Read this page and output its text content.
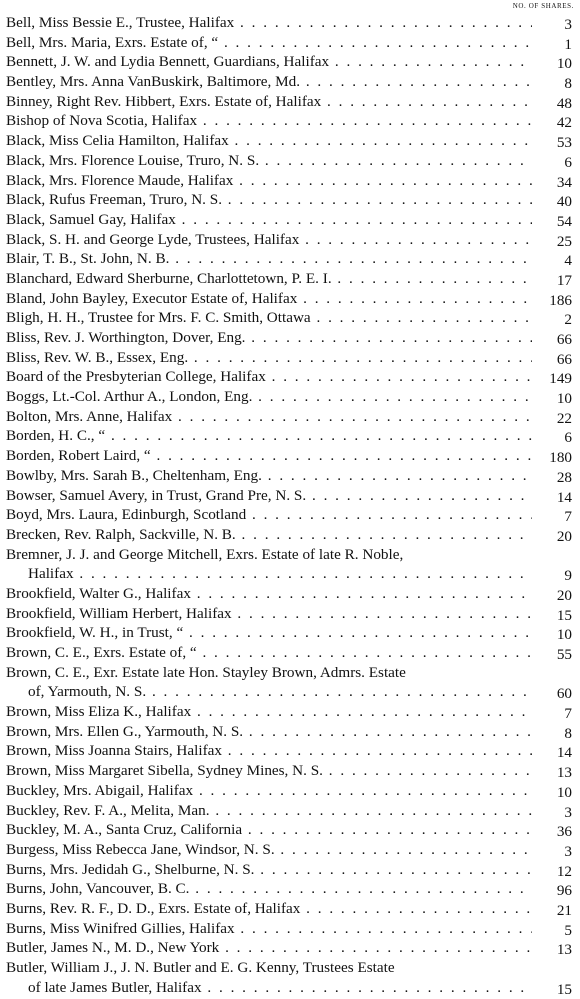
NO. OF SHARES.
Bell, Miss Bessie E., Trustee, Halifax . . .	3
Bell, Mrs. Maria, Exrs. Estate of, “ . . .	1
Bennett, J. W. and Lydia Bennett, Guardians, Halifax . . .	10
Bentley, Mrs. Anna VanBuskirk, Baltimore, Md. . . .	8
Binney, Right Rev. Hibbert, Exrs. Estate of, Halifax . . .	48
Bishop of Nova Scotia, Halifax . . .	42
Black, Miss Celia Hamilton, Halifax . . .	53
Black, Mrs. Florence Louise, Truro, N. S. . . .	6
Black, Mrs. Florence Maude, Halifax . . .	34
Black, Rufus Freeman, Truro, N. S. . . .	40
Black, Samuel Gay, Halifax . . .	54
Black, S. H. and George Lyde, Trustees, Halifax . . .	25
Blair, T. B., St. John, N. B. . . .	4
Blanchard, Edward Sherburne, Charlottetown, P. E. I. . . .	17
Bland, John Bayley, Executor Estate of, Halifax . . .	186
Bligh, H. H., Trustee for Mrs. F. C. Smith, Ottawa . . .	2
Bliss, Rev. J. Worthington, Dover, Eng. . . .	66
Bliss, Rev. W. B., Essex, Eng. . . .	66
Board of the Presbyterian College, Halifax . . .	149
Boggs, Lt.-Col. Arthur A., London, Eng. . . .	10
Bolton, Mrs. Anne, Halifax . . .	22
Borden, H. C., “ . . .	6
Borden, Robert Laird, “ . . .	180
Bowlby, Mrs. Sarah B., Cheltenham, Eng. . . .	28
Bowser, Samuel Avery, in Trust, Grand Pre, N. S. . . .	14
Boyd, Mrs. Laura, Edinburgh, Scotland . . .	7
Brecken, Rev. Ralph, Sackville, N. B. . . .	20
Bremner, J. J. and George Mitchell, Exrs. Estate of late R. Noble,
Halifax . . .	9
Brookfield, Walter G., Halifax . . .	20
Brookfield, William Herbert, Halifax . . .	15
Brookfield, W. H., in Trust, “ . . .	10
Brown, C. E., Exrs. Estate of, “ . . .	55
Brown, C. E., Exr. Estate late Hon. Stayley Brown, Admrs. Estate
of, Yarmouth, N. S. . . .	60
Brown, Miss Eliza K., Halifax . . .	7
Brown, Mrs. Ellen G., Yarmouth, N. S. . . .	8
Brown, Miss Joanna Stairs, Halifax . . .	14
Brown, Miss Margaret Sibella, Sydney Mines, N. S. . . .	13
Buckley, Mrs. Abigail, Halifax . . .	10
Buckley, Rev. F. A., Melita, Man. . . .	3
Buckley, M. A., Santa Cruz, California . . .	36
Burgess, Miss Rebecca Jane, Windsor, N. S. . . .	3
Burns, Mrs. Jedidah G., Shelburne, N. S. . . .	12
Burns, John, Vancouver, B. C. . . .	96
Burns, Rev. R. F., D. D., Exrs. Estate of, Halifax . . .	21
Burns, Miss Winifred Gillies, Halifax . . .	5
Butler, James N., M. D., New York . . .	13
Butler, William J., J. N. Butler and E. G. Kenny, Trustees Estate
of late James Butler, Halifax . . .	15
